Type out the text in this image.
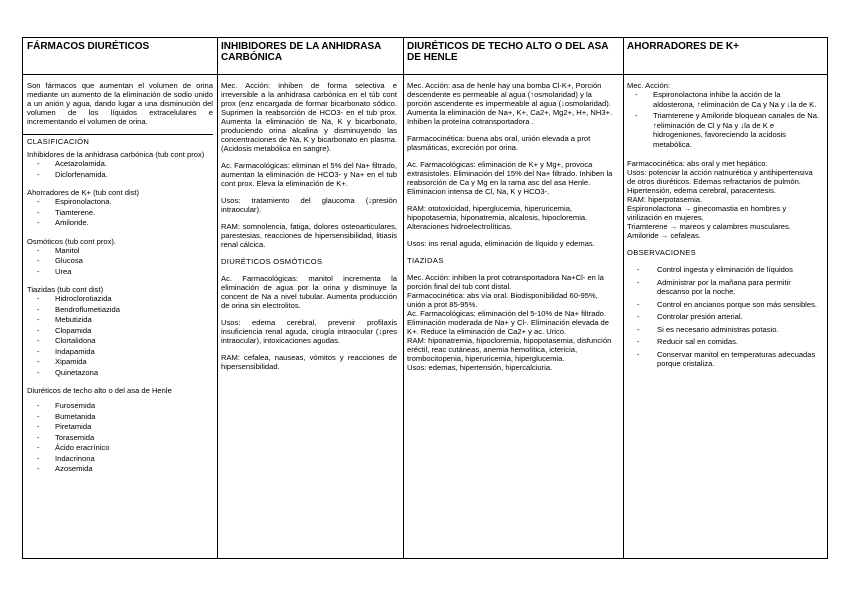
FÁRMACOS DIURÉTICOS	INHIBIDORES DE LA ANHIDRASA CARBÓNICA
DIURÉTICOS DE TECHO ALTO O DEL ASA DE HENLE
AHORRADORES DE K+

Son fármacos que aumentan el volumen de orina mediante un aumento de la eliminación de sodio unido a un anión y agua, dando lugar a una disminución del volumen de los líquidos extracelulares e incrementando el volumen de orina.

CLASIFICACIÓN
Inhibidores de la anhidrasa carbónica (tub cont prox)
- Acetazolamida.
- Diclorfenamida.
Ahorradores de K+ (tub cont dist)
- Espironolactona.
- Tiamterene.
- Amiloride.
Osmóticos (tub cont prox).
- Manitol
- Glucosa
- Urea
Tiazidas (tub cont dist)
- Hidroclorotiazida
- Bendroflumetiazida
- Mebutizida
- Clopamida
- Clortalidona
- Indapamida
- Xipamida
- Quinetazona
Diuréticos de techo alto o del asa de Henle
- Furosemida
- Bumetanida
- Piretamida
- Torasemida
- Ácido eracrínico
- Indacrinona
- Azosemida

Mec. Acción: inhiben de forma selectiva e irreversible a la anhidrasa carbónica en el túb cont prox (enz encargada de formar bicarbonato sódico. Suprimen la reabsorción de HCO3- en el tub prox. Aumenta la eliminación de Na, K y bicarbonato, produciendo orina alcalina y disminuyendo las concentraciones de Na, K y bicarbonato en plasma. (Acidosis metabólica en sangre).

Ac. Farmacológicas: eliminan el 5% del Na+ filtrado, aumentan la eliminación de HCO3- y Na+ en el tub cont prox. Eleva la eliminación de K+.

Usos: tratamiento del glaucoma (↓presión intraocular).

RAM: somnolencia, fatiga, dolores osteoarticulares, parestesias, reacciones de hipersensibilidad, litiasis renal cálcica.

DIURÉTICOS OSMÓTICOS

Ac. Farmacológicas: manitol incrementa la eliminación de agua por la orina y disminuye la concent de Na a nivel tubular. Aumenta producción de orina sin electrolitos.

Usos: edema cerebral, prevenir profilaxis insuficiencia renal aguda, cirugía intraocular (↓pres intraocular), intoxicaciones agudas.

RAM: cefalea, nauseas, vómitos y reacciones de hipersensibilidad.

Mec. Acción: asa de henle hay una bomba Cl-K+, Porción descendente es permeable al agua (↑osmolaridad) y la porción ascendente es impermeable al agua (↓osmolaridad). Aumenta la eliminación de Na+, K+, Ca2+, Mg2+, H+, NH3+. Inhiben la proteína cotransportadora .

Farmacocinética: buena abs oral, unión elevada a prot plasmáticas, excreción por orina.

Ac. Farmacológicas: eliminación de K+ y Mg+, provoca extrasistoles. Eliminación del 15% del Na+ filtrado. Inhiben la reabsorción de Ca y Mg en la rama asc del asa Henle. Eliminacion intensa de Cl, Na, K y HCO3-.

RAM: ototoxicidad, hiperglucemia, hiperuricemia, hipopotasemia, hiponatremia, alcalosis, hipocloremia. Alteraciones hidroelectrolíticas.

Usos: ins renal aguda, eliminación de líquido y edemas.

TIAZIDAS

Mec. Acción: inhiben la prot cotransportadora Na+Cl- en la porción final del tub cont distal.

Farmacocinética: abs vía oral. Biodisponibilidad 60-95%, unión a prot 85-95%.

Ac. Farmacológicas: eliminación del 5-10% de Na+ filtrado. Eliminación moderada de Na+ y Cl-. Eliminación elevada de K+. Reduce la eliminación de Ca2+ y ac. Urico.

RAM: hiponatremia, hipocloremia, hipopotasemia, disfunción eréctil, reac cutáneas, anemia hemolítica, ictericia, trombocitopenia, hiperuricemia, hiperglucemia.

Usos: edemas, hipertensión, hipercalciuria.

Mec. Acción:
- Espironolactona inhibe la acción de la aldosterona, ↑eliminación de Ca y Na y ↓la de K.
- Triamterene y Amiloride bloquean canales de Na. ↑eliminación de Cl y Na y ↓la de K e hidrogeniones, favoreciendo la acidosis metabólica.

Farmacocinética: abs oral y met hepático.

Usos: potenciar la acción natriurética y antihipertensiva de otros diuréticos. Edemas refractarios de pulmón. Hipertensión, edema cerebral, paracentesis.

RAM: hiperpotasemia.

Espironolactona → ginecomastia en hombres y virilización en mujeres.

Triamterene → mareos y calambres musculares.

Amiloride → cefaleas.

OBSERVACIONES
- Control ingesta y eliminación de líquidos
- Administrar por la mañana para permitir descanso por la noche.
- Control en ancianos porque son más sensibles.
- Controlar presión arterial.
- Si es necesario administras potasio.
- Reducir sal en comidas.
- Conservar manitol en temperaturas adecuadas porque cristaliza.
